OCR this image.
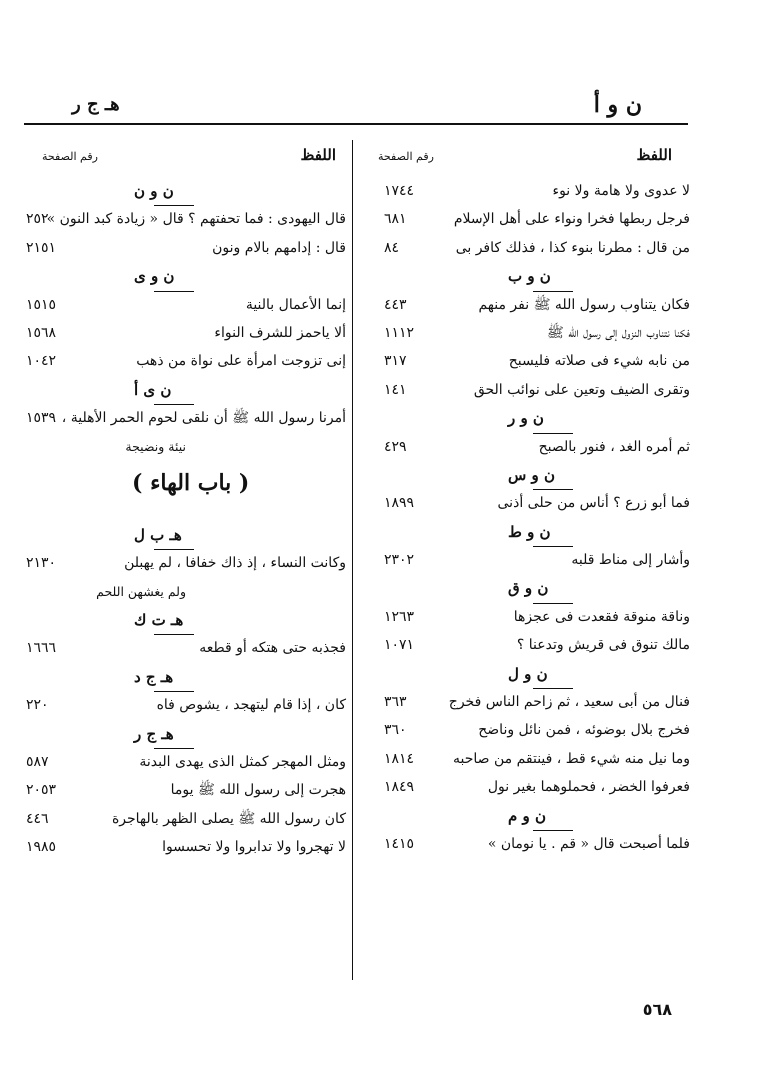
ن و أ
هـ ج ر
اللفظ
رقم الصفحة
لا عدوى ولا هامة ولا نوء
١٧٤٤
فرجل ربطها فخرا ونواء على أهل الإسلام
٦٨١
من قال : مطرنا بنوء كذا ، فذلك كافر بى
٨٤
ن و ب
فكان يتناوب رسول الله ﷺ نفر منهم
٤٤٣
فكنا نتناوب النزول إلى رسول الله ﷺ
١١١٢
من نابه شيء فى صلاته فليسبح
٣١٧
وتقرى الضيف وتعين على نوائب الحق
١٤١
ن و ر
ثم أمره الغد ، فنور بالصبح
٤٢٩
ن و س
فما أبو زرع ؟ أناس من حلى أذنى
١٨٩٩
ن و ط
وأشار إلى مناط قلبه
٢٣٠٢
ن و ق
وناقة منوقة فقعدت فى عجزها
١٢٦٣
مالك تنوق فى قريش وتدعنا ؟
١٠٧١
ن و ل
فنال من أبى سعيد ، ثم زاحم الناس فخرج
٣٦٣
فخرج بلال بوضوئه ، فمن نائل وناضح
٣٦٠
وما نيل منه شيء قط ، فينتقم من صاحبه
١٨١٤
فعرفوا الخضر ، فحملوهما بغير نول
١٨٤٩
ن و م
فلما أصبحت قال « قم . يا نومان »
١٤١٥
اللفظ
رقم الصفحة
ن و ن
قال اليهودى : فما تحفتهم ؟ قال « زيادة كبد النون »
٢٥٢
قال : إدامهم بالام ونون
٢١٥١
ن و ى
إنما الأعمال بالنية
١٥١٥
ألا ياحمز للشرف النواء
١٥٦٨
إنى تزوجت امرأة على نواة من ذهب
١٠٤٢
ن ى أ
أمرنا رسول الله ﷺ أن نلقى لحوم الحمر الأهلية ،
١٥٣٩
نيئة ونضيجة
( باب الهاء )
هـ ب ل
وكانت النساء ، إذ ذاك خفافا ، لم يهبلن
٢١٣٠
ولم يغشهن اللحم
هـ ت ك
فجذبه حتى هتكه أو قطعه
١٦٦٦
هـ ج د
كان ، إذا قام ليتهجد ، يشوص فاه
٢٢٠
هـ ج ر
ومثل المهجر كمثل الذى يهدى البدنة
٥٨٧
هجرت إلى رسول الله ﷺ يوما
٢٠٥٣
كان رسول الله ﷺ يصلى الظهر بالهاجرة
٤٤٦
لا تهجروا ولا تدابروا ولا تحسسوا
١٩٨٥
٥٦٨
